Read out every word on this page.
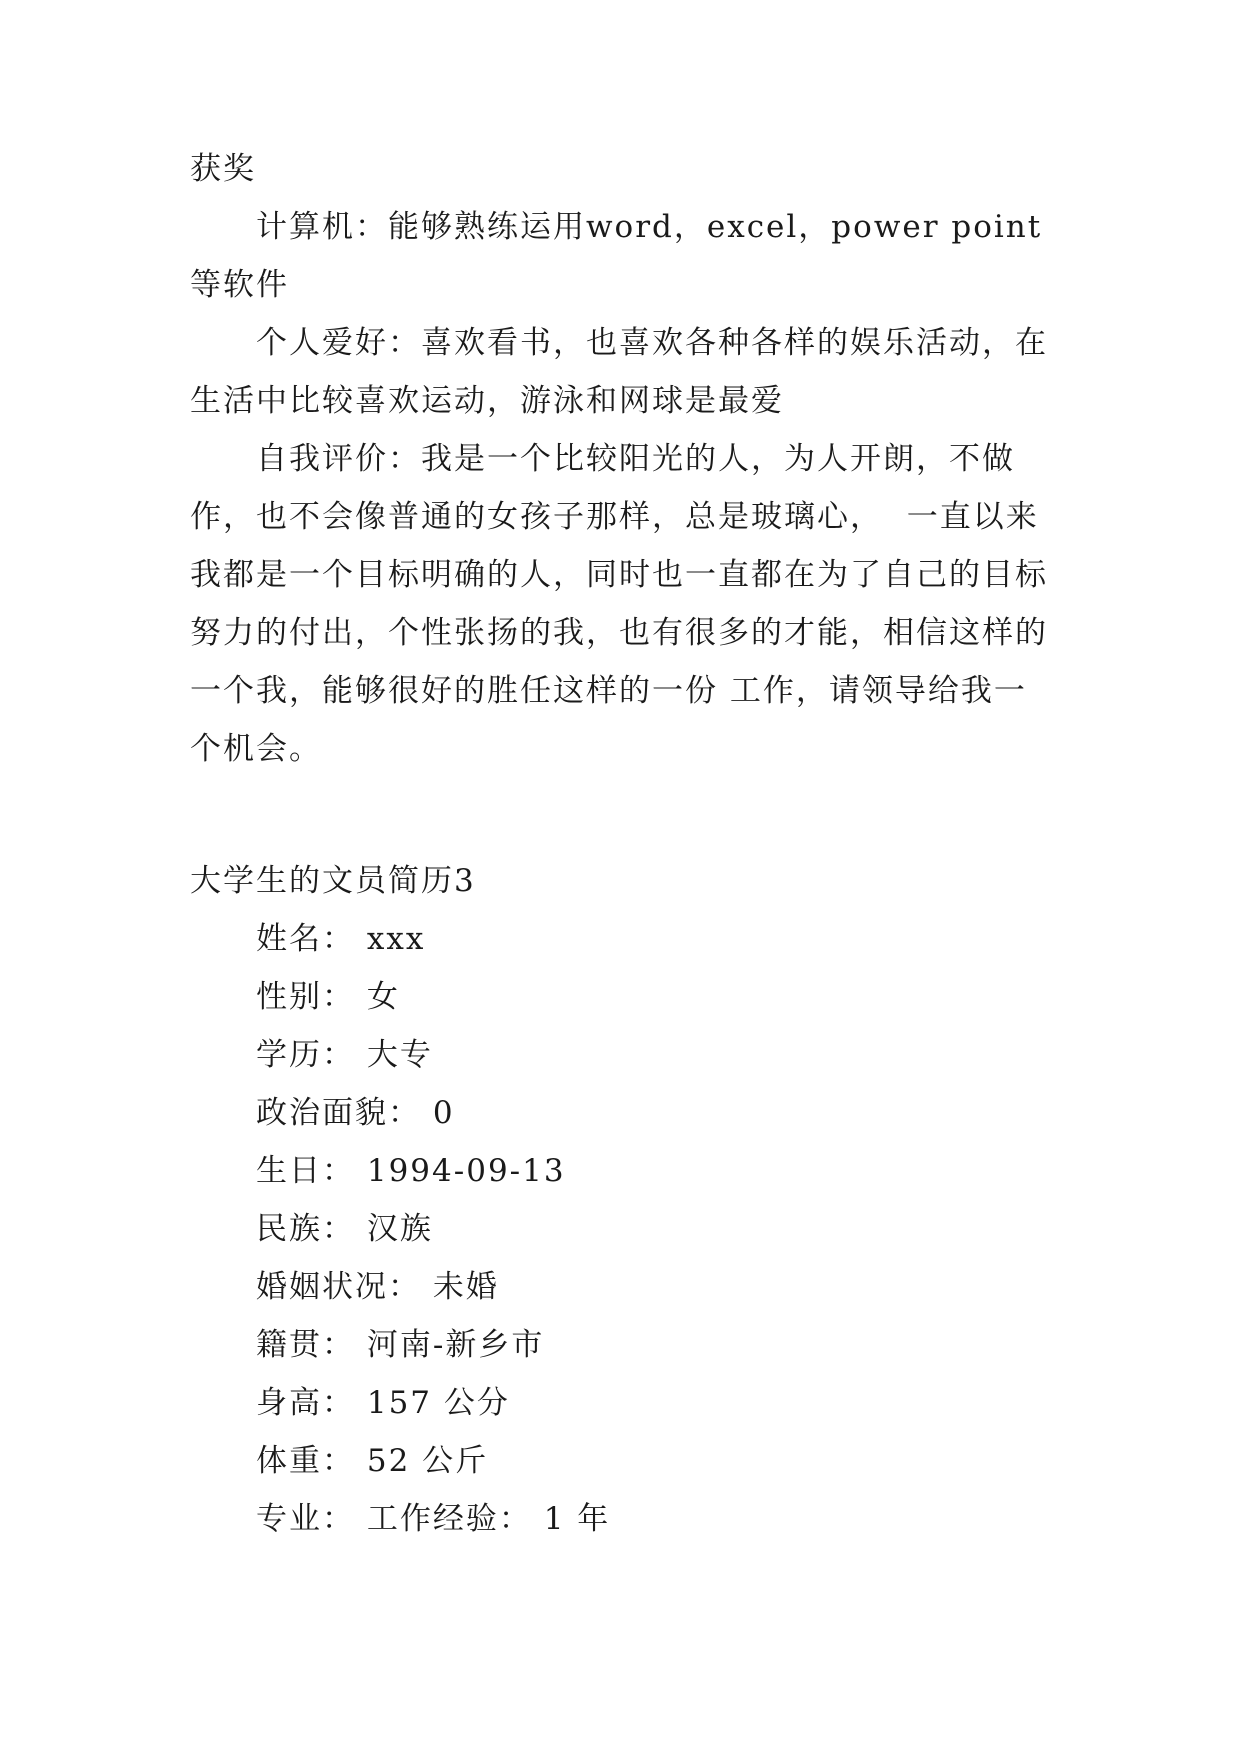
获奖
计算机：能够熟练运用word，excel，power point等软件
个人爱好：喜欢看书，也喜欢各种各样的娱乐活动，在生活中比较喜欢运动，游泳和网球是最爱
自我评价：我是一个比较阳光的人，为人开朗，不做作，也不会像普通的女孩子那样，总是玻璃心，  一直以来我都是一个目标明确的人，同时也一直都在为了自己的目标努力的付出，个性张扬的我，也有很多的才能，相信这样的一个我，能够很好的胜任这样的一份 工作，请领导给我一个机会。
大学生的文员简历3
姓名： xxx
性别： 女
学历： 大专
政治面貌： 0
生日： 1994-09-13
民族： 汉族
婚姻状况： 未婚
籍贯： 河南-新乡市
身高： 157 公分
体重： 52 公斤
专业： 工作经验： 1 年
